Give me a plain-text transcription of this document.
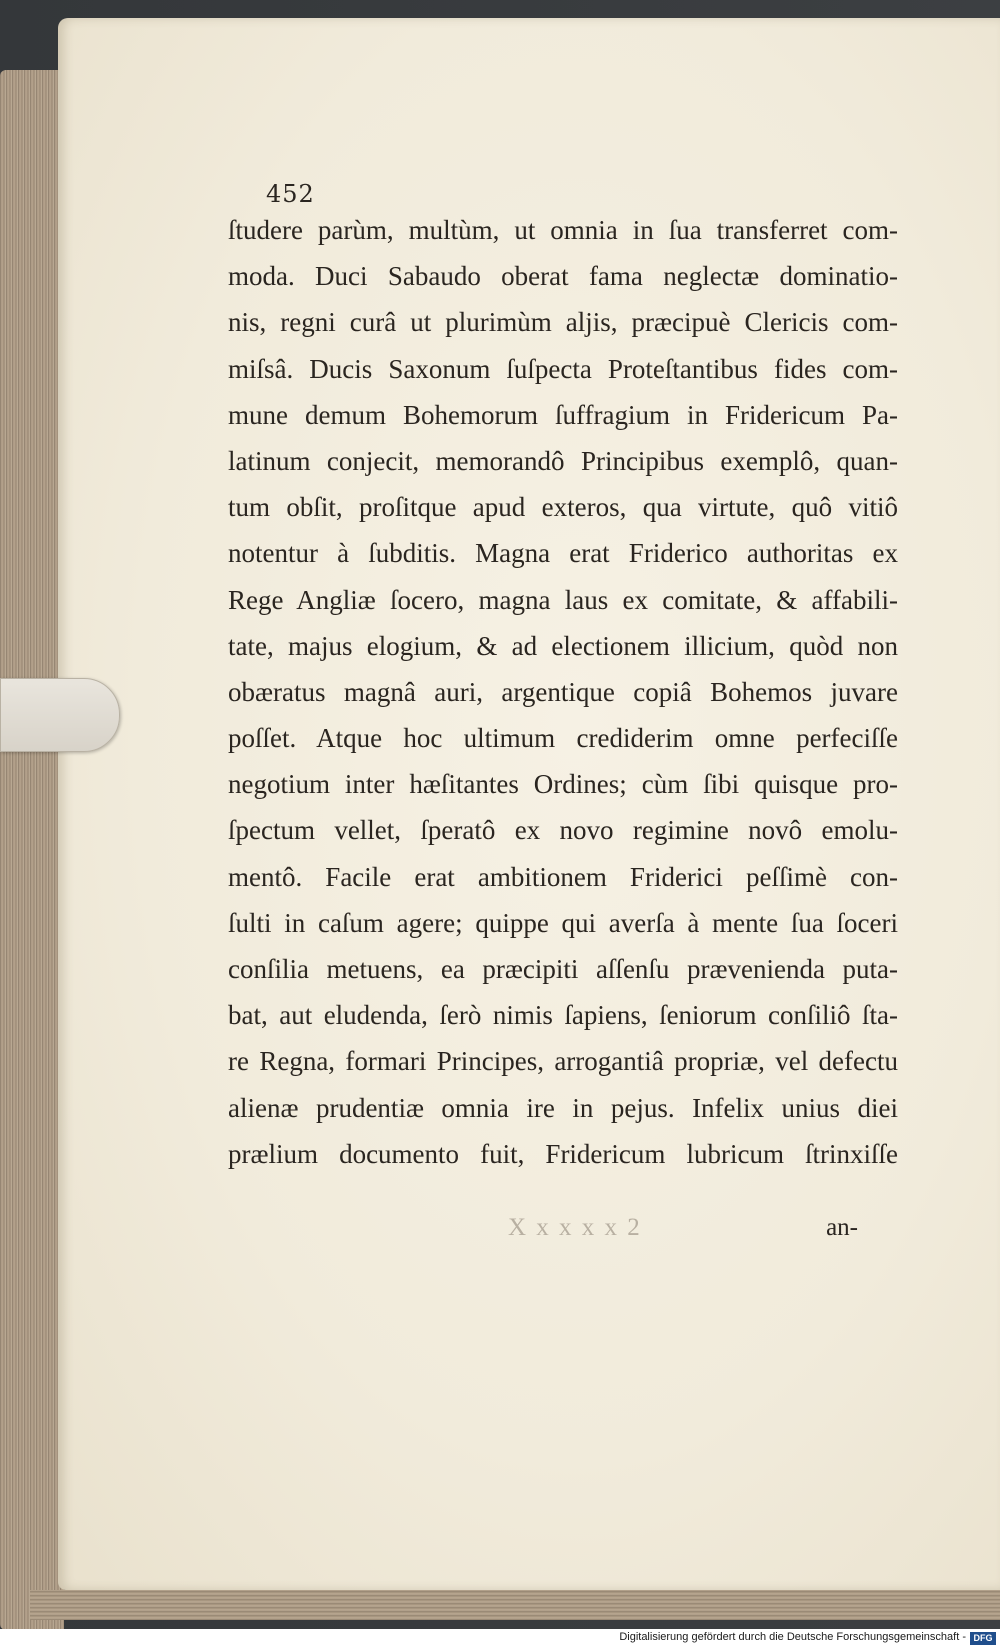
452
ſtudere parùm, multùm, ut omnia in ſua transferret com-
moda. Duci Sabaudo oberat fama neglectæ dominatio-
nis, regni curâ ut plurimùm aljis, præcipuè Clericis com-
miſsâ. Ducis Saxonum ſuſpecta Proteſtantibus fides com-
mune demum Bohemorum ſuffragium in Fridericum Pa-
latinum conjecit, memorandô Principibus exemplô, quan-
tum obſit, proſitque apud exteros, qua virtute, quô vitiô
notentur à ſubditis. Magna erat Friderico authoritas ex
Rege Angliæ ſocero, magna laus ex comitate, & affabili-
tate, majus elogium, & ad electionem illicium, quòd non
obæratus magnâ auri, argentique copiâ Bohemos juvare
poſſet. Atque hoc ultimum crediderim omne perfeciſſe
negotium inter hæſitantes Ordines; cùm ſibi quisque pro-
ſpectum vellet, ſperatô ex novo regimine novô emolu-
mentô. Facile erat ambitionem Friderici peſſimè con-
ſulti in caſum agere; quippe qui averſa à mente ſua ſoceri
conſilia metuens, ea præcipiti aſſenſu prævenienda puta-
bat, aut eludenda, ſerò nimis ſapiens, ſeniorum conſiliô ſta-
re Regna, formari Principes, arrogantiâ propriæ, vel defectu
alienæ prudentiæ omnia ire in pejus. Infelix unius diei
prælium documento fuit, Fridericum lubricum ſtrinxiſſe
X x x x x 2	an-
Digitalisierung gefördert durch die Deutsche Forschungsgemeinschaft - DFG
